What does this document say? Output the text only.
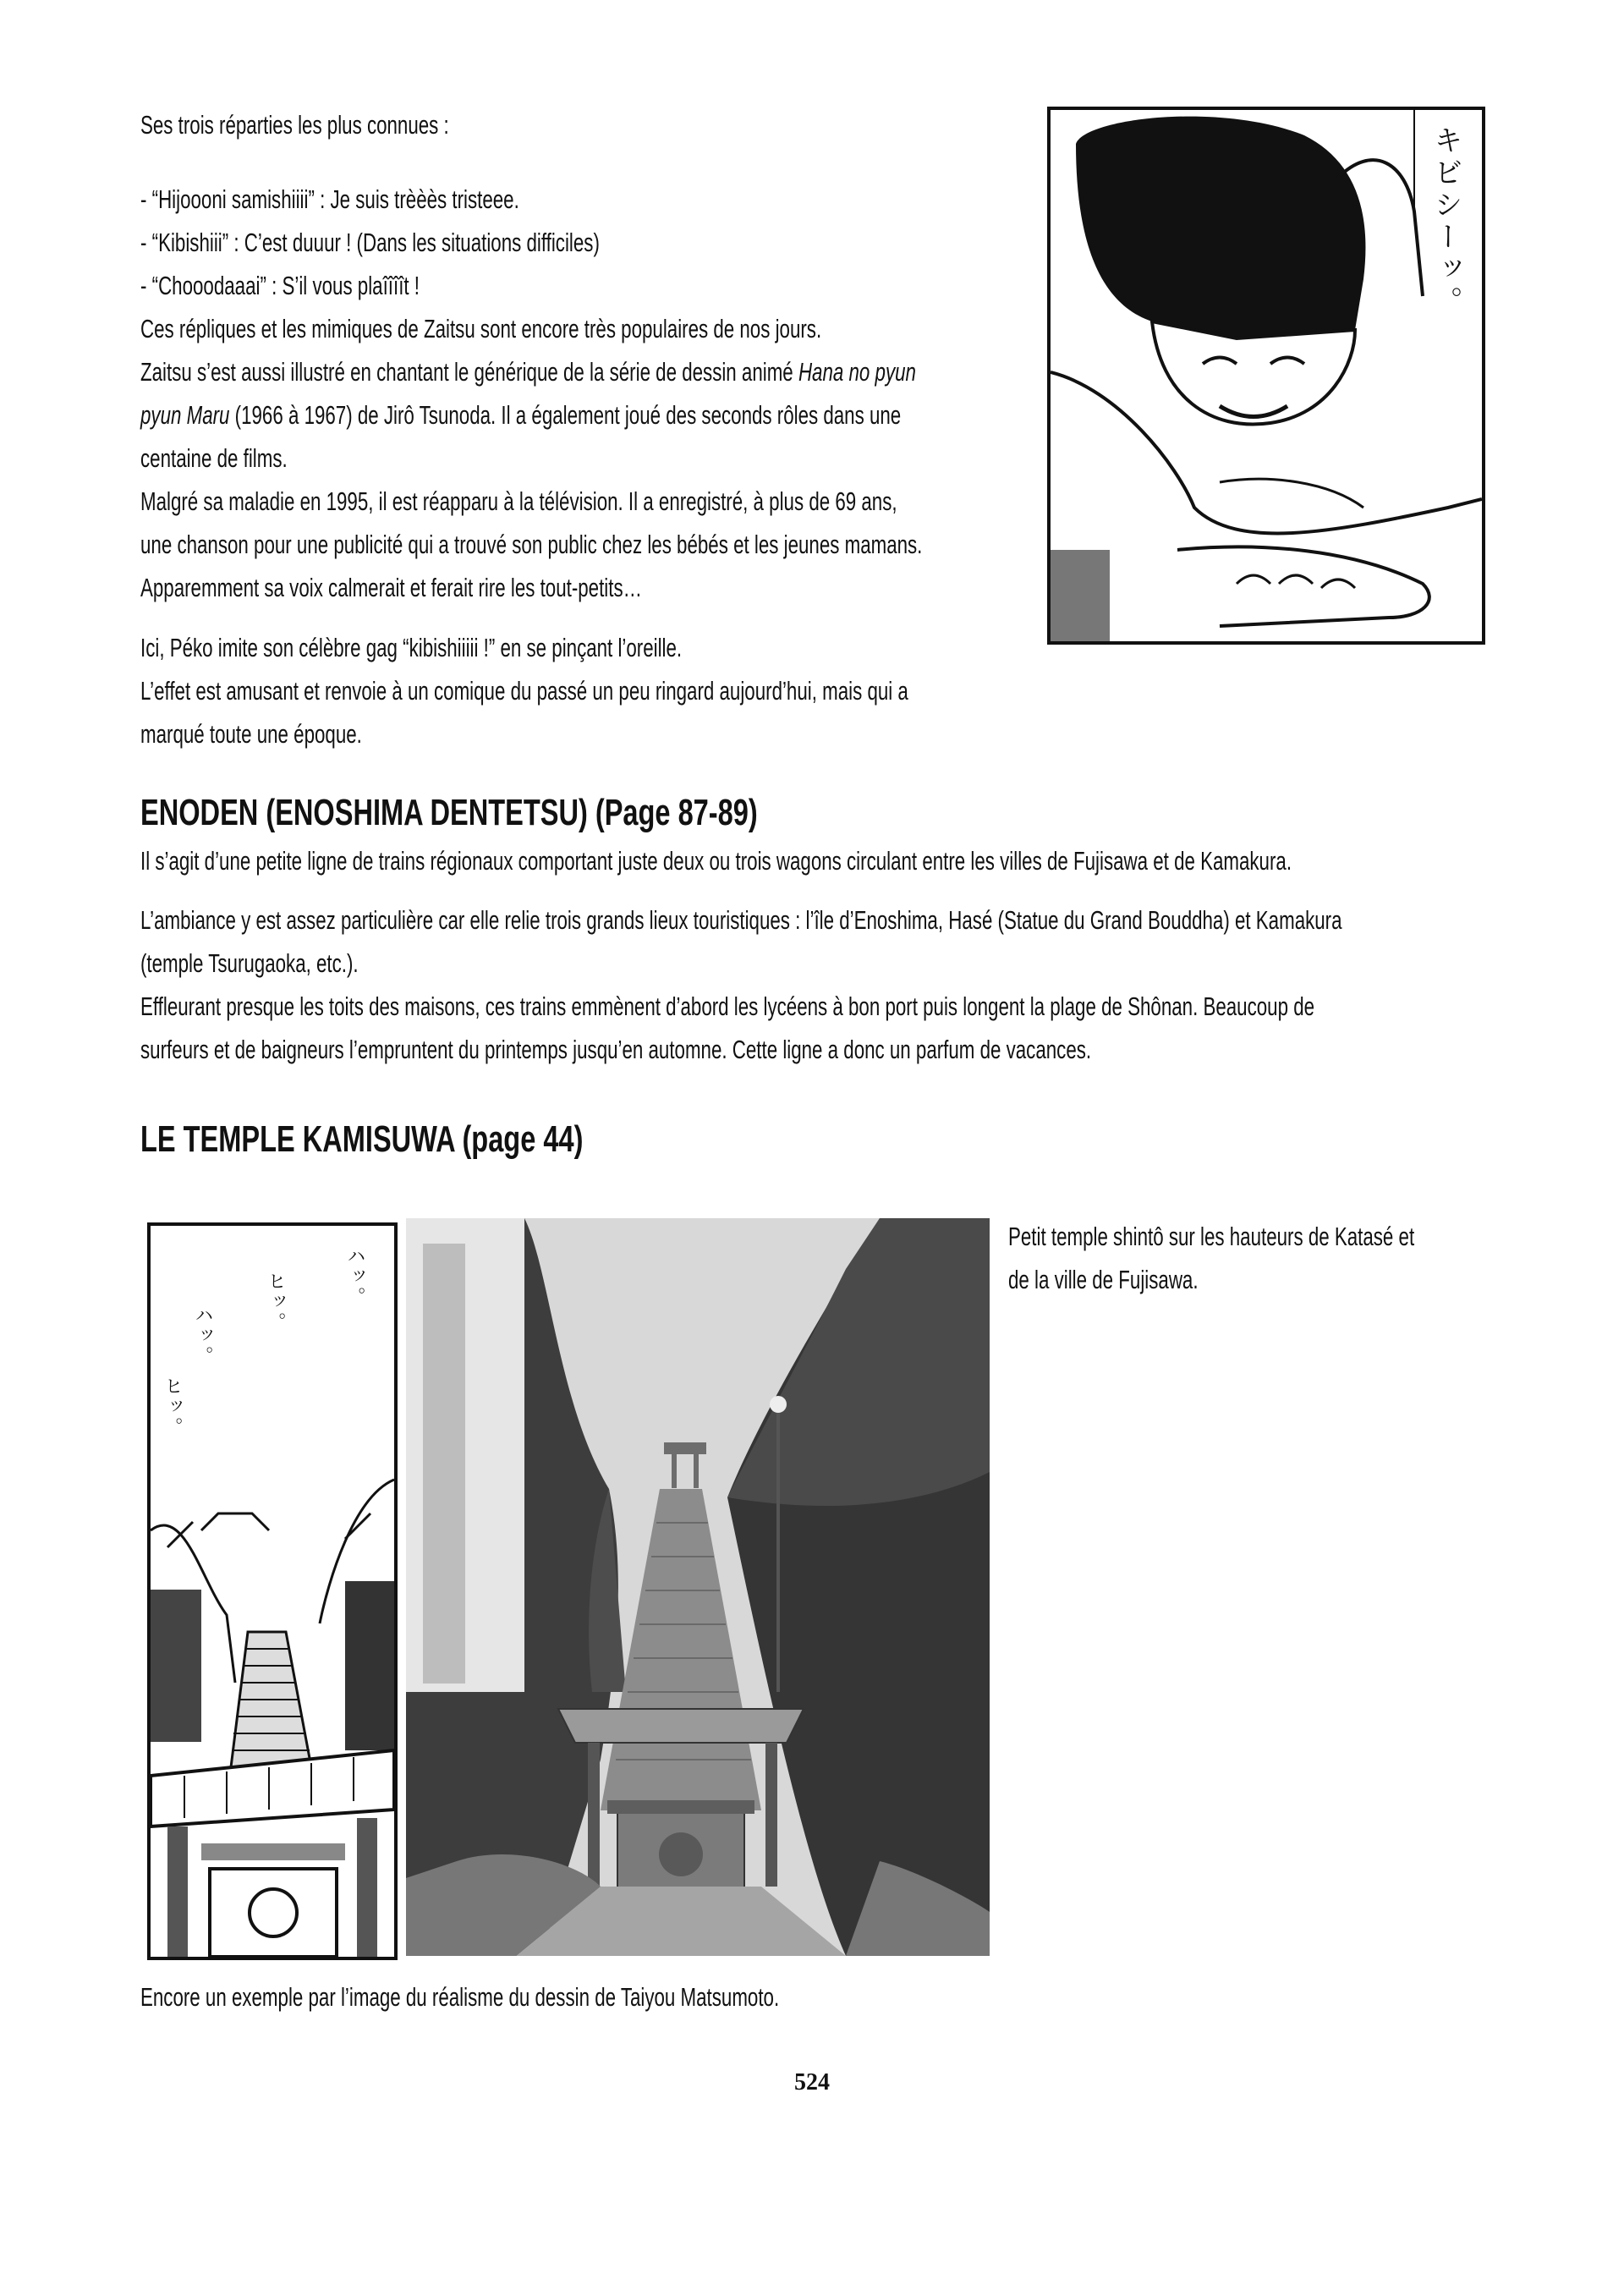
Ses trois réparties les plus connues :
- “Hijoooni samishiiii” : Je suis trèèès tristeee.
- “Kibishiii” : C’est duuur ! (Dans les situations difficiles)
- “Chooodaaai” : S’il vous plaîîîît !
Ces répliques et les mimiques de Zaitsu sont encore très populaires de nos jours.
Zaitsu s’est aussi illustré en chantant le générique de la série de dessin animé Hana no pyun
pyun Maru (1966 à 1967) de Jirô Tsunoda. Il a également joué des seconds rôles dans une
centaine de films.
Malgré sa maladie en 1995, il est réapparu à la télévision. Il a enregistré, à plus de 69 ans,
une chanson pour une publicité qui a trouvé son public chez les bébés et les jeunes mamans.
Apparemment sa voix calmerait et ferait rire les tout-petits…
Ici, Péko imite son célèbre gag “kibishiiiii !” en se pinçant l’oreille.
L’effet est amusant et renvoie à un comique du passé un peu ringard aujourd’hui, mais qui a
marqué toute une époque.
キビシーッ。
ENODEN (ENOSHIMA DENTETSU) (Page 87-89)
Il s’agit d’une petite ligne de trains régionaux comportant juste deux ou trois wagons circulant entre les villes de Fujisawa et de Kamakura.
L’ambiance y est assez particulière car elle relie trois grands lieux touristiques : l’île d’Enoshima, Hasé (Statue du Grand Bouddha) et Kamakura
(temple Tsurugaoka, etc.).
Effleurant presque les toits des maisons, ces trains emmènent d’abord les lycéens à bon port puis longent la plage de Shônan. Beaucoup de
surfeurs et de baigneurs l’empruntent du printemps jusqu’en automne. Cette ligne a donc un parfum de vacances.
LE TEMPLE KAMISUWA (page 44)
ハッ。
ヒッ。
ハッ。
ヒッ。
Petit temple shintô sur les hauteurs de Katasé et
de la ville de Fujisawa.
Encore un exemple par l’image du réalisme du dessin de Taiyou Matsumoto.
524
